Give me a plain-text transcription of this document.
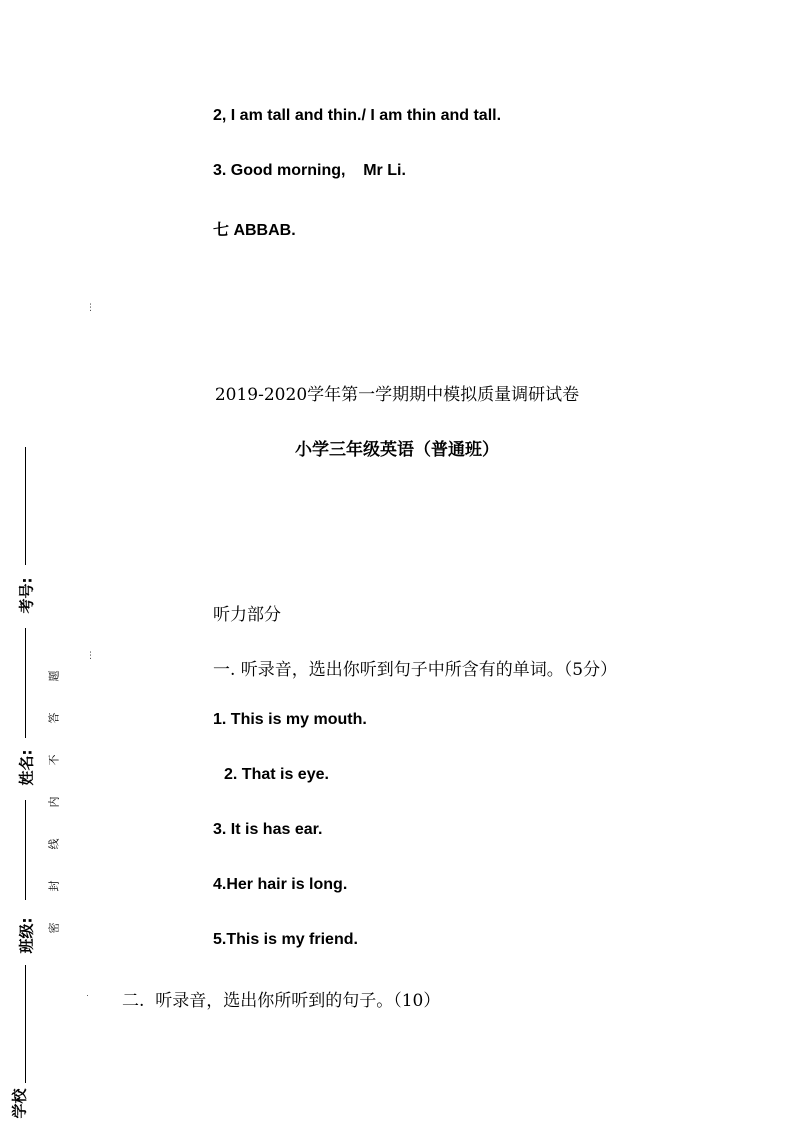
2, I am tall and thin./ I am thin and tall.
3. Good morning,    Mr Li.
七 ABBAB.
⋮
2019-2020学年第一学期期中模拟质量调研试卷
小学三年级英语（普通班）
听力部分
⋮
一. 听录音，选出你听到句子中所含有的单词。（5分）
1. This is my mouth.
2. That is eye.
3. It is has ear.
4.Her hair is long.
5.This is my friend.
· 二.  听录音，选出你所听到的句子。（10）
考号:
姓名:
班级:
学校
题
答
不
内
线
封
密
